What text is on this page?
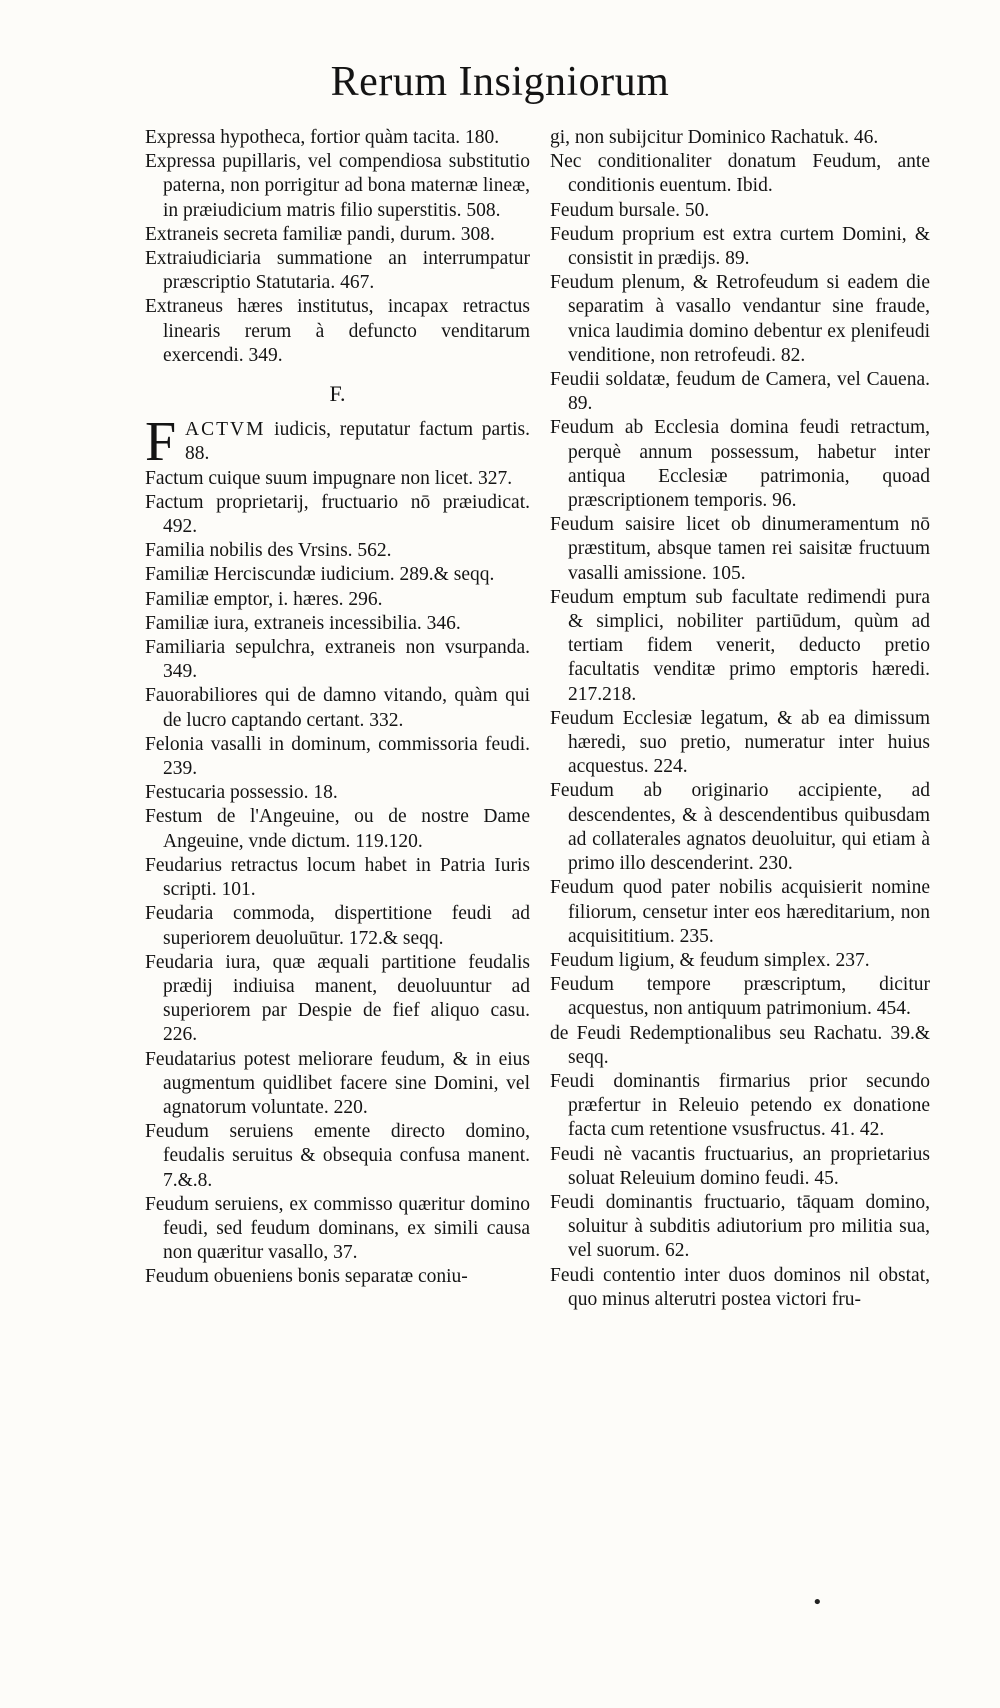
Rerum Insigniorum

Expressa hypotheca, fortior quàm tacita. 180.

Expressa pupillaris, vel compendiosa substitutio paterna, non porrigitur ad bona maternæ lineæ, in præiudicium matris filio superstitis. 508.

Extraneis secreta familiæ pandi, durum. 308.

Extraiudiciaria summatione an interrumpatur præscriptio Statutaria. 467.

Extraneus hæres institutus, incapax retractus linearis rerum à defuncto venditarum exercendi. 349.

F.

F ACTVM iudicis, reputatur factum partis. 88.

Factum cuique suum impugnare non licet. 327.

Factum proprietarij, fructuario nō præiudicat. 492.

Familia nobilis des Vrsins. 562.

Familiæ Herciscundæ iudicium. 289.& seqq.

Familiæ emptor, i. hæres. 296.

Familiæ iura, extraneis incessibilia. 346.

Familiaria sepulchra, extraneis non vsurpanda. 349.

Fauorabiliores qui de damno vitando, quàm qui de lucro captando certant. 332.

Felonia vasalli in dominum, commissoria feudi. 239.

Festucaria possessio. 18.

Festum de l'Angeuine, ou de nostre Dame Angeuine, vnde dictum. 119.120.

Feudarius retractus locum habet in Patria Iuris scripti. 101.

Feudaria commoda, dispertitione feudi ad superiorem deuoluūtur. 172.& seqq.

Feudaria iura, quæ æquali partitione feudalis prædij indiuisa manent, deuoluuntur ad superiorem par Despie de fief aliquo casu. 226.

Feudatarius potest meliorare feudum, & in eius augmentum quidlibet facere sine Domini, vel agnatorum voluntate. 220.

Feudum seruiens emente directo domino, feudalis seruitus & obsequia confusa manent. 7.&.8.

Feudum seruiens, ex commisso quæritur domino feudi, sed feudum dominans, ex simili causa non quæritur vasallo, 37.

Feudum obueniens bonis separatæ coniu-

gi, non subijcitur Dominico Rachatuk. 46.

Nec conditionaliter donatum Feudum, ante conditionis euentum. Ibid.

Feudum bursale. 50.

Feudum proprium est extra curtem Domini, & consistit in prædijs. 89.

Feudum plenum, & Retrofeudum si eadem die separatim à vasallo vendantur sine fraude, vnica laudimia domino debentur ex plenifeudi venditione, non retrofeudi. 82.

Feudii soldatæ, feudum de Camera, vel Cauena. 89.

Feudum ab Ecclesia domina feudi retractum, perquè annum possessum, habetur inter antiqua Ecclesiæ patrimonia, quoad præscriptionem temporis. 96.

Feudum saisire licet ob dinumeramentum nō præstitum, absque tamen rei saisitæ fructuum vasalli amissione. 105.

Feudum emptum sub facultate redimendi pura & simplici, nobiliter partiūdum, quùm ad tertiam fidem venerit, deducto pretio facultatis venditæ primo emptoris hæredi. 217.218.

Feudum Ecclesiæ legatum, & ab ea dimissum hæredi, suo pretio, numeratur inter huius acquestus. 224.

Feudum ab originario accipiente, ad descendentes, & à descendentibus quibusdam ad collaterales agnatos deuoluitur, qui etiam à primo illo descenderint. 230.

Feudum quod pater nobilis acquisierit nomine filiorum, censetur inter eos hæreditarium, non acquisititium. 235.

Feudum ligium, & feudum simplex. 237.

Feudum tempore præscriptum, dicitur acquestus, non antiquum patrimonium. 454.

de Feudi Redemptionalibus seu Rachatu. 39.& seqq.

Feudi dominantis firmarius prior secundo præfertur in Releuio petendo ex donatione facta cum retentione vsusfructus. 41. 42.

Feudi nè vacantis fructuarius, an proprietarius soluat Releuium domino feudi. 45.

Feudi dominantis fructuario, tāquam domino, soluitur à subditis adiutorium pro militia sua, vel suorum. 62.

Feudi contentio inter duos dominos nil obstat, quo minus alterutri postea victori fru-

•
